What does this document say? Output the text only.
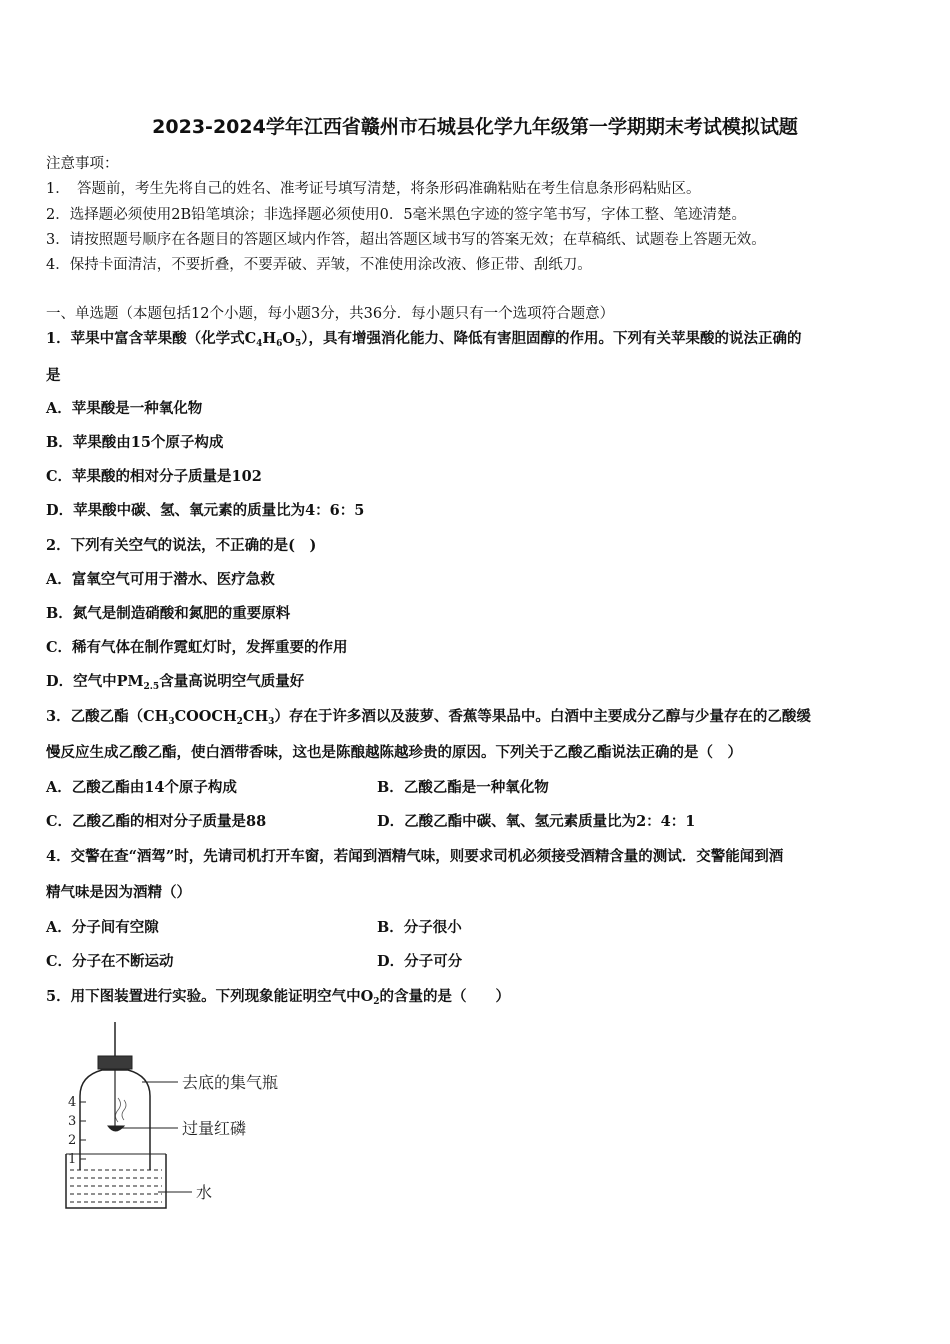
2023-2024学年江西省赣州市石城县化学九年级第一学期期末考试模拟试题
注意事项：
1．　答题前，考生先将自己的姓名、准考证号填写清楚，将条形码准确粘贴在考生信息条形码粘贴区。
2．选择题必须使用2B铅笔填涂；非选择题必须使用0．5毫米黑色字迹的签字笔书写，字体工整、笔迹清楚。
3．请按照题号顺序在各题目的答题区域内作答，超出答题区域书写的答案无效；在草稿纸、试题卷上答题无效。
4．保持卡面清洁，不要折叠，不要弄破、弄皱，不准使用涂改液、修正带、刮纸刀。
一、单选题（本题包括12个小题，每小题3分，共36分．每小题只有一个选项符合题意）
1．苹果中富含苹果酸（化学式$C_4H_6O_5$），具有增强消化能力、降低有害胆固醇的作用。下列有关苹果酸的说法正确的
是
A．苹果酸是一种氧化物
B．苹果酸由15个原子构成
C．苹果酸的相对分子质量是102
D．苹果酸中碳、氢、氧元素的质量比为4：6：5
2．下列有关空气的说法，不正确的是(　)
A．富氧空气可用于潜水、医疗急救
B．氮气是制造硝酸和氮肥的重要原料
C．稀有气体在制作霓虹灯时，发挥重要的作用
D．空气中$PM_{2.5}$含量高说明空气质量好
3．乙酸乙酯$(CH_3COOCH_2CH_3)$存在于许多酒以及菠萝、香蕉等果品中。白酒中主要成分乙醇与少量存在的乙酸缓
慢反应生成乙酸乙酯，使白酒带香味，这也是陈酿越陈越珍贵的原因。下列关于乙酸乙酯说法正确的是（　）
A．乙酸乙酯由14个原子构成	B．乙酸乙酯是一种氧化物
C．乙酸乙酯的相对分子质量是88	D．乙酸乙酯中碳、氧、氢元素质量比为2：4：1
4．交警在查“酒驾”时，先请司机打开车窗，若闻到酒精气味，则要求司机必须接受酒精含量的测试．交警能闻到酒
精气味是因为酒精（）
A．分子间有空隙	B．分子很小
C．分子在不断运动	D．分子可分
5．用下图装置进行实验。下列现象能证明空气中$O_2$的含量的是（　　）
4
3
2
1
去底的集气瓶
过量红磷
水
